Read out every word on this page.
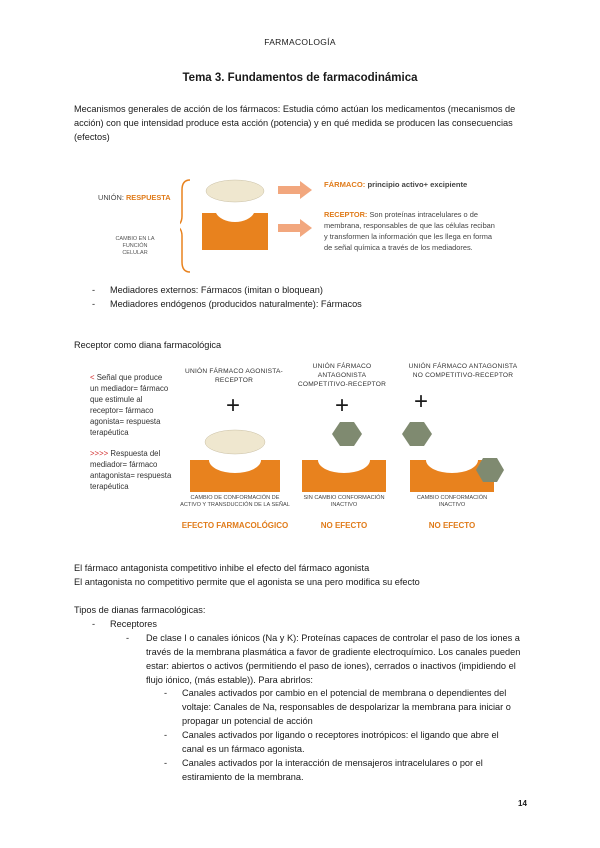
FARMACOLOGÍA
Tema 3. Fundamentos de farmacodinámica
Mecanismos generales de acción de los fármacos: Estudia cómo actúan los medicamentos (mecanismos de acción) con que intensidad produce esta acción (potencia) y en qué medida se producen las consecuencias (efectos)
UNIÓN: RESPUESTA
CAMBIO EN LA FUNCIÓN CELULAR
FÁRMACO: principio activo+ excipiente
RECEPTOR: Son proteínas intracelulares o de membrana, responsables de que las células reciban y transformen la información que les llega en forma de señal química a través de los mediadores.
- Mediadores externos: Fármacos (imitan o bloquean)
- Mediadores endógenos (producidos naturalmente): Fármacos
Receptor como diana farmacológica
< Señal que produce un mediador= fármaco que estimule al receptor= fármaco agonista= respuesta terapéutica
>>>> Respuesta del mediador= fármaco antagonista= respuesta terapéutica
UNIÓN FÁRMACO AGONISTA-RECEPTOR
+
CAMBIO DE CONFORMACIÓN DE ACTIVO Y TRANSDUCCIÓN DE LA SEÑAL
EFECTO FARMACOLÓGICO
UNIÓN FÁRMACO ANTAGONISTA COMPETITIVO-RECEPTOR
+
SIN CAMBIO CONFORMACIÓN INACTIVO
NO EFECTO
UNIÓN FÁRMACO ANTAGONISTA NO COMPETITIVO-RECEPTOR
+
CAMBIO CONFORMACIÓN INACTIVO
NO EFECTO
El fármaco antagonista competitivo inhibe el efecto del fármaco agonista
El antagonista no competitivo permite que el agonista se una pero modifica su efecto
Tipos de dianas farmacológicas:
- Receptores
- De clase I o canales iónicos (Na y K): Proteínas capaces de controlar el paso de los iones a través de la membrana plasmática a favor de gradiente electroquímico. Los canales pueden estar: abiertos o activos (permitiendo el paso de iones), cerrados o inactivos (impidiendo el flujo iónico, (más estable)). Para abrirlos:
- Canales activados por cambio en el potencial de membrana o dependientes del voltaje: Canales de Na, responsables de despolarizar la membrana para iniciar o propagar un potencial de acción
- Canales activados por ligando o receptores inotrópicos: el ligando que abre el canal es un fármaco agonista.
- Canales activados por la interacción de mensajeros intracelulares o por el estiramiento de la membrana.
14
